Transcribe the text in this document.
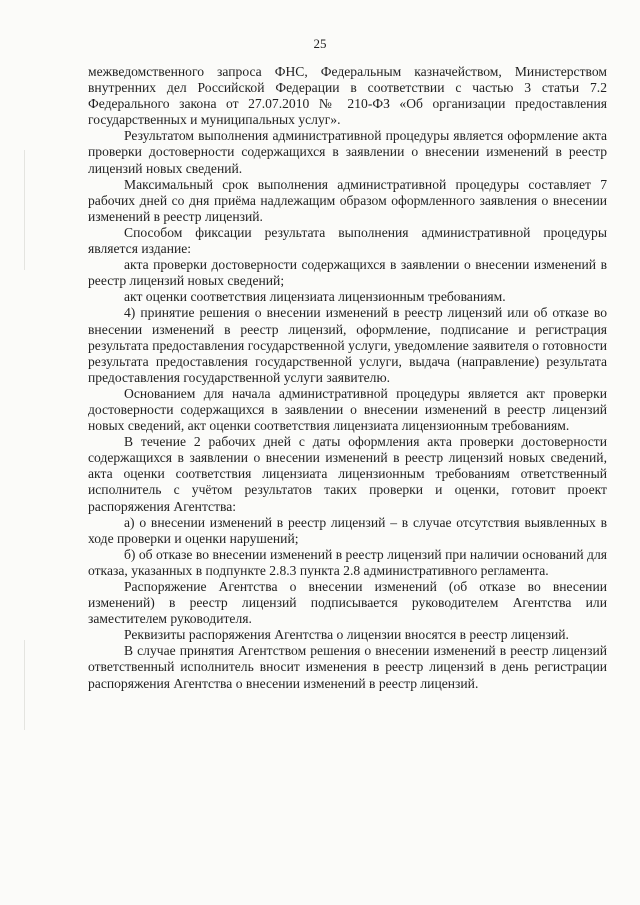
25

межведомственного запроса ФНС, Федеральным казначейством, Министерством внутренних дел Российской Федерации в соответствии с частью 3 статьи 7.2 Федерального закона от 27.07.2010 № 210-ФЗ «Об организации предоставления государственных и муниципальных услуг».

Результатом выполнения административной процедуры является оформление акта проверки достоверности содержащихся в заявлении о внесении изменений в реестр лицензий новых сведений.

Максимальный срок выполнения административной процедуры составляет 7 рабочих дней со дня приёма надлежащим образом оформленного заявления о внесении изменений в реестр лицензий.

Способом фиксации результата выполнения административной процедуры является издание:

акта проверки достоверности содержащихся в заявлении о внесении изменений в реестр лицензий новых сведений;

акт оценки соответствия лицензиата лицензионным требованиям.

4) принятие решения о внесении изменений в реестр лицензий или об отказе во внесении изменений в реестр лицензий, оформление, подписание и регистрация результата предоставления государственной услуги, уведомление заявителя о готовности результата предоставления государственной услуги, выдача (направление) результата предоставления государственной услуги заявителю.

Основанием для начала административной процедуры является акт проверки достоверности содержащихся в заявлении о внесении изменений в реестр лицензий новых сведений, акт оценки соответствия лицензиата лицензионным требованиям.

В течение 2 рабочих дней с даты оформления акта проверки достоверности содержащихся в заявлении о внесении изменений в реестр лицензий новых сведений, акта оценки соответствия лицензиата лицензионным требованиям ответственный исполнитель с учётом результатов таких проверки и оценки, готовит проект распоряжения Агентства:

а) о внесении изменений в реестр лицензий – в случае отсутствия выявленных в ходе проверки и оценки нарушений;

б) об отказе во внесении изменений в реестр лицензий при наличии оснований для отказа, указанных в подпункте 2.8.3 пункта 2.8 административного регламента.

Распоряжение Агентства о внесении изменений (об отказе во внесении изменений) в реестр лицензий подписывается руководителем Агентства или заместителем руководителя.

Реквизиты распоряжения Агентства о лицензии вносятся в реестр лицензий.

В случае принятия Агентством решения о внесении изменений в реестр лицензий ответственный исполнитель вносит изменения в реестр лицензий в день регистрации распоряжения Агентства о внесении изменений в реестр лицензий.
